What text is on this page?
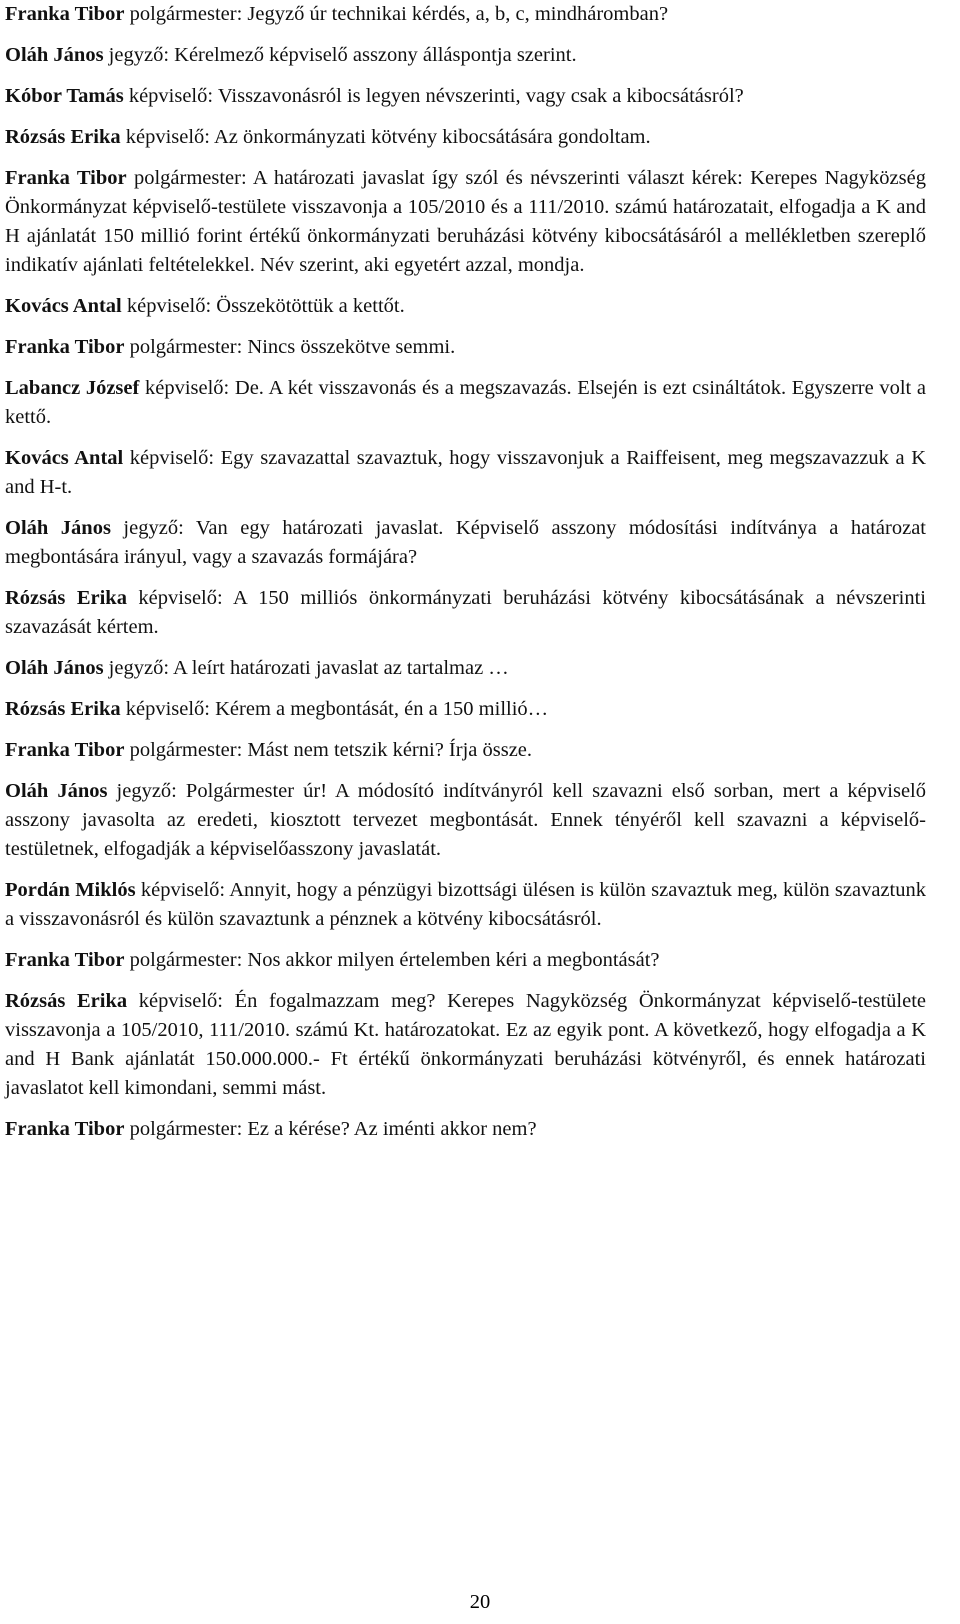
Franka Tibor polgármester: Jegyző úr technikai kérdés, a, b, c, mindháromban?

Oláh János jegyző: Kérelmező képviselő asszony álláspontja szerint.

Kóbor Tamás képviselő: Visszavonásról is legyen névszerinti, vagy csak a kibocsátásról?

Rózsás Erika képviselő: Az önkormányzati kötvény kibocsátására gondoltam.

Franka Tibor polgármester: A határozati javaslat így szól és névszerinti választ kérek: Kerepes Nagyközség Önkormányzat képviselő-testülete visszavonja a 105/2010 és a 111/2010. számú határozatait, elfogadja a K and H ajánlatát 150 millió forint értékű önkormányzati beruházási kötvény kibocsátásáról a mellékletben szereplő indikatív ajánlati feltételekkel. Név szerint, aki egyetért azzal, mondja.

Kovács Antal képviselő: Összekötöttük a kettőt.

Franka Tibor polgármester: Nincs összekötve semmi.

Labancz József képviselő: De. A két visszavonás és a megszavazás. Elsején is ezt csináltátok. Egyszerre volt a kettő.

Kovács Antal képviselő: Egy szavazattal szavaztuk, hogy visszavonjuk a Raiffeisent, meg megszavazzuk a K and H-t.

Oláh János jegyző: Van egy határozati javaslat. Képviselő asszony módosítási indítványa a határozat megbontására irányul, vagy a szavazás formájára?

Rózsás Erika képviselő: A 150 milliós önkormányzati beruházási kötvény kibocsátásának a névszerinti szavazását kértem.

Oláh János jegyző: A leírt határozati javaslat az tartalmaz …

Rózsás Erika képviselő: Kérem a megbontását, én a 150 millió…

Franka Tibor polgármester: Mást nem tetszik kérni? Írja össze.

Oláh János jegyző: Polgármester úr! A módosító indítványról kell szavazni első sorban, mert a képviselő asszony javasolta az eredeti, kiosztott tervezet megbontását. Ennek tényéről kell szavazni a képviselő-testületnek, elfogadják a képviselőasszony javaslatát.

Pordán Miklós képviselő: Annyit, hogy a pénzügyi bizottsági ülésen is külön szavaztuk meg, külön szavaztunk a visszavonásról és külön szavaztunk a pénznek a kötvény kibocsátásról.

Franka Tibor polgármester: Nos akkor milyen értelemben kéri a megbontását?

Rózsás Erika képviselő: Én fogalmazzam meg? Kerepes Nagyközség Önkormányzat képviselő-testülete visszavonja a 105/2010, 111/2010. számú Kt. határozatokat. Ez az egyik pont. A következő, hogy elfogadja a K and H Bank ajánlatát 150.000.000.- Ft értékű önkormányzati beruházási kötvényről, és ennek határozati javaslatot kell kimondani, semmi mást.

Franka Tibor polgármester: Ez a kérése? Az iménti akkor nem?

20
